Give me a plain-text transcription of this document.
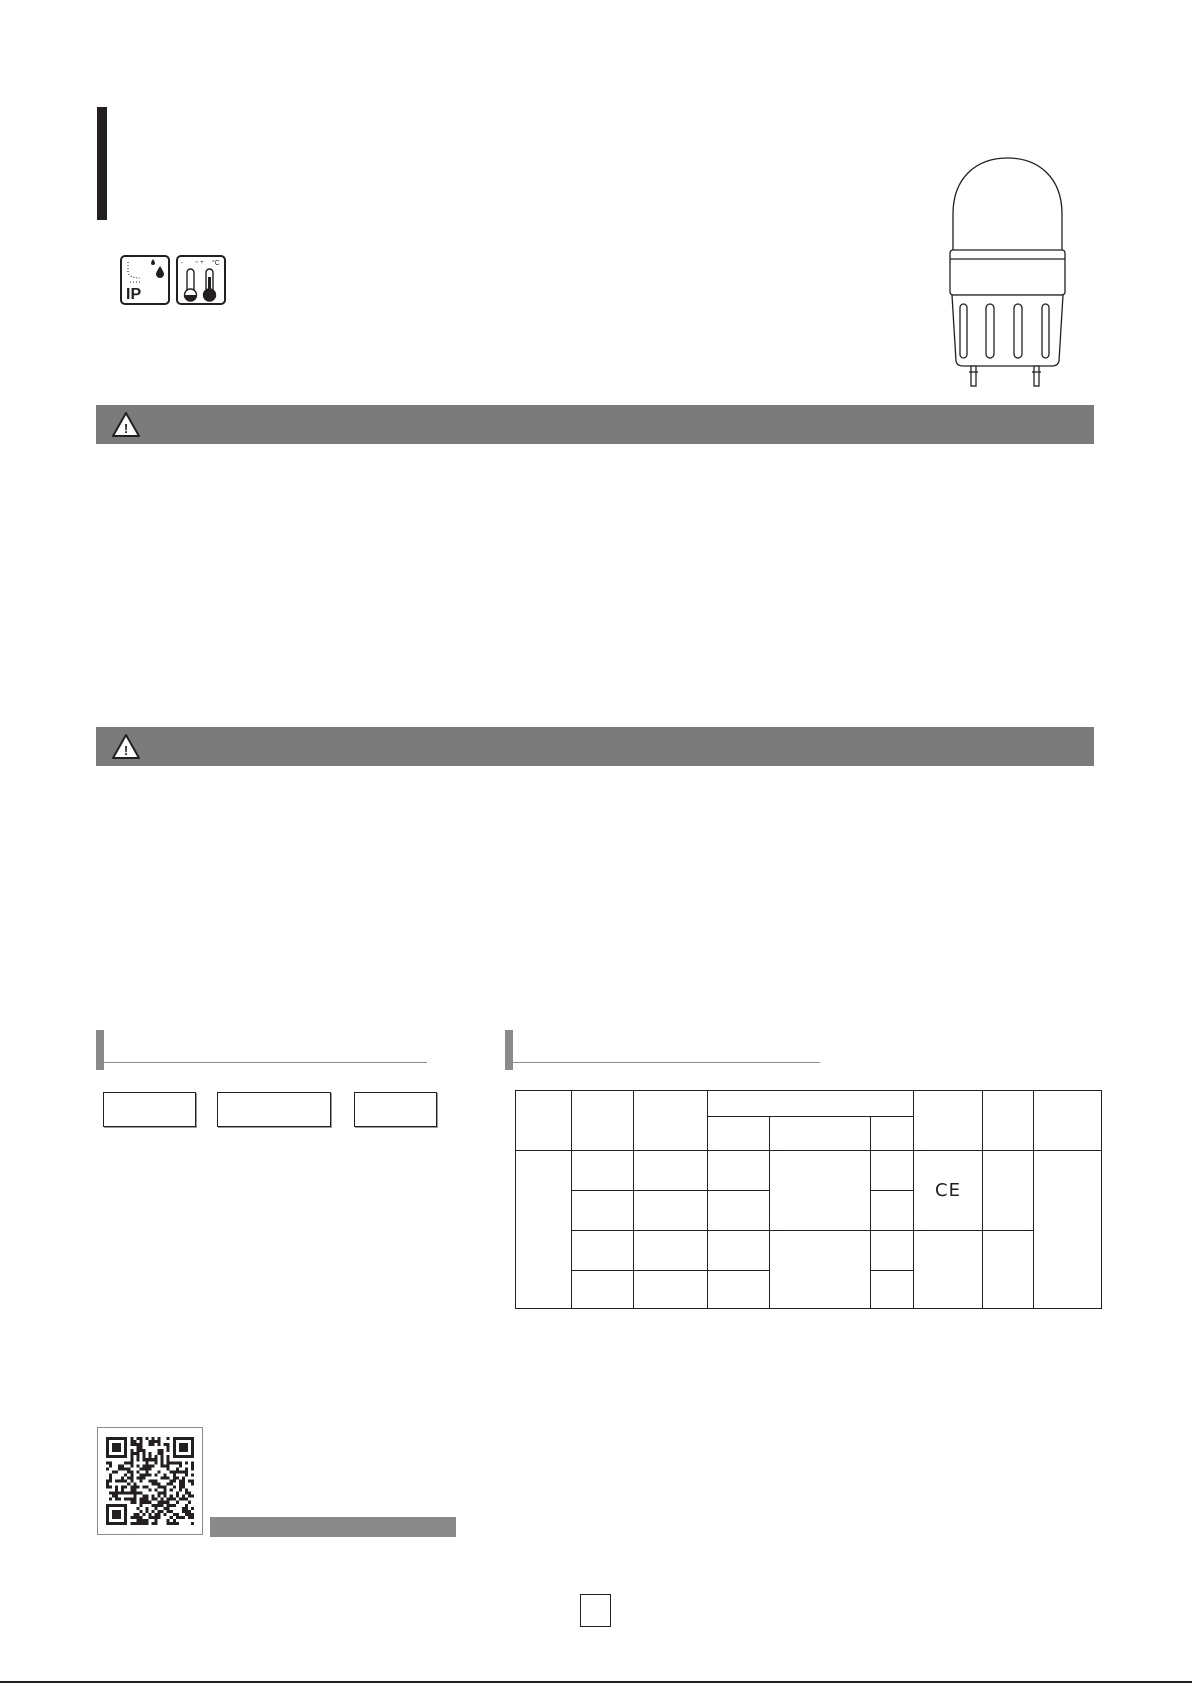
IP
- ~ + °C
!
!

						CE		
